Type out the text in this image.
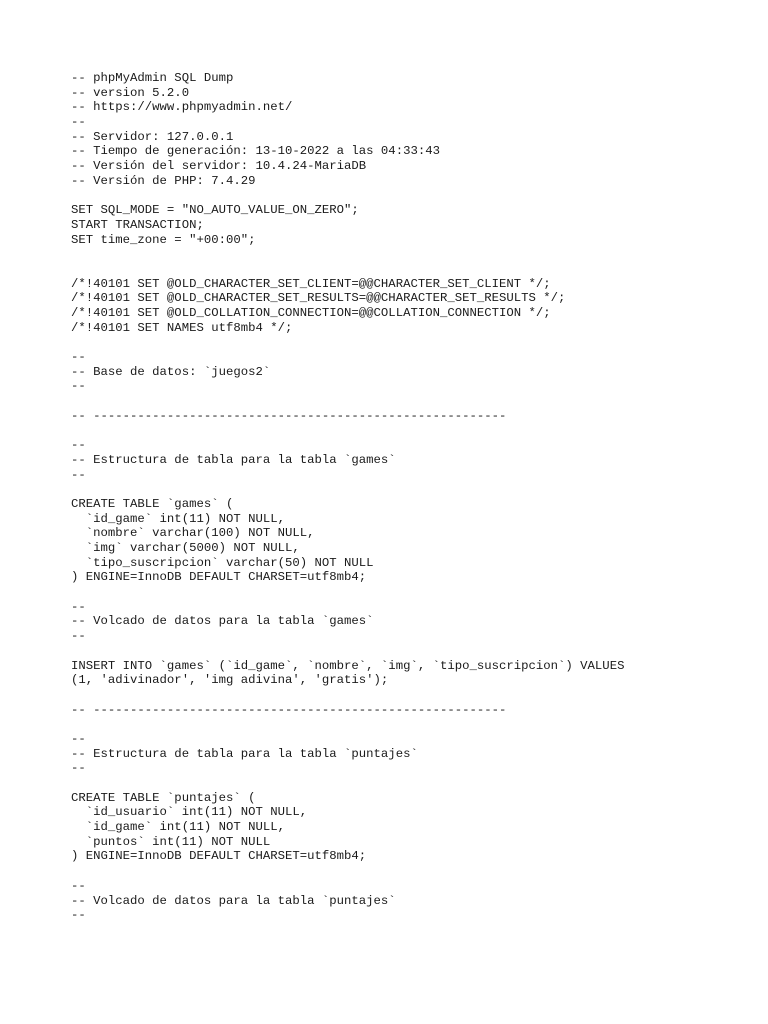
-- phpMyAdmin SQL Dump
-- version 5.2.0
-- https://www.phpmyadmin.net/
--
-- Servidor: 127.0.0.1
-- Tiempo de generación: 13-10-2022 a las 04:33:43
-- Versión del servidor: 10.4.24-MariaDB
-- Versión de PHP: 7.4.29
SET SQL_MODE = "NO_AUTO_VALUE_ON_ZERO";
START TRANSACTION;
SET time_zone = "+00:00";
/*!40101 SET @OLD_CHARACTER_SET_CLIENT=@@CHARACTER_SET_CLIENT */;
/*!40101 SET @OLD_CHARACTER_SET_RESULTS=@@CHARACTER_SET_RESULTS */;
/*!40101 SET @OLD_COLLATION_CONNECTION=@@COLLATION_CONNECTION */;
/*!40101 SET NAMES utf8mb4 */;
--
-- Base de datos: `juegos2`
--
-- --------------------------------------------------------
--
-- Estructura de tabla para la tabla `games`
--
CREATE TABLE `games` (
`id_game` int(11) NOT NULL,
`nombre` varchar(100) NOT NULL,
`img` varchar(5000) NOT NULL,
`tipo_suscripcion` varchar(50) NOT NULL
) ENGINE=InnoDB DEFAULT CHARSET=utf8mb4;
--
-- Volcado de datos para la tabla `games`
--
INSERT INTO `games` (`id_game`, `nombre`, `img`, `tipo_suscripcion`) VALUES
(1, 'adivinador', 'img adivina', 'gratis');
-- --------------------------------------------------------
--
-- Estructura de tabla para la tabla `puntajes`
--
CREATE TABLE `puntajes` (
`id_usuario` int(11) NOT NULL,
`id_game` int(11) NOT NULL,
`puntos` int(11) NOT NULL
) ENGINE=InnoDB DEFAULT CHARSET=utf8mb4;
--
-- Volcado de datos para la tabla `puntajes`
--
